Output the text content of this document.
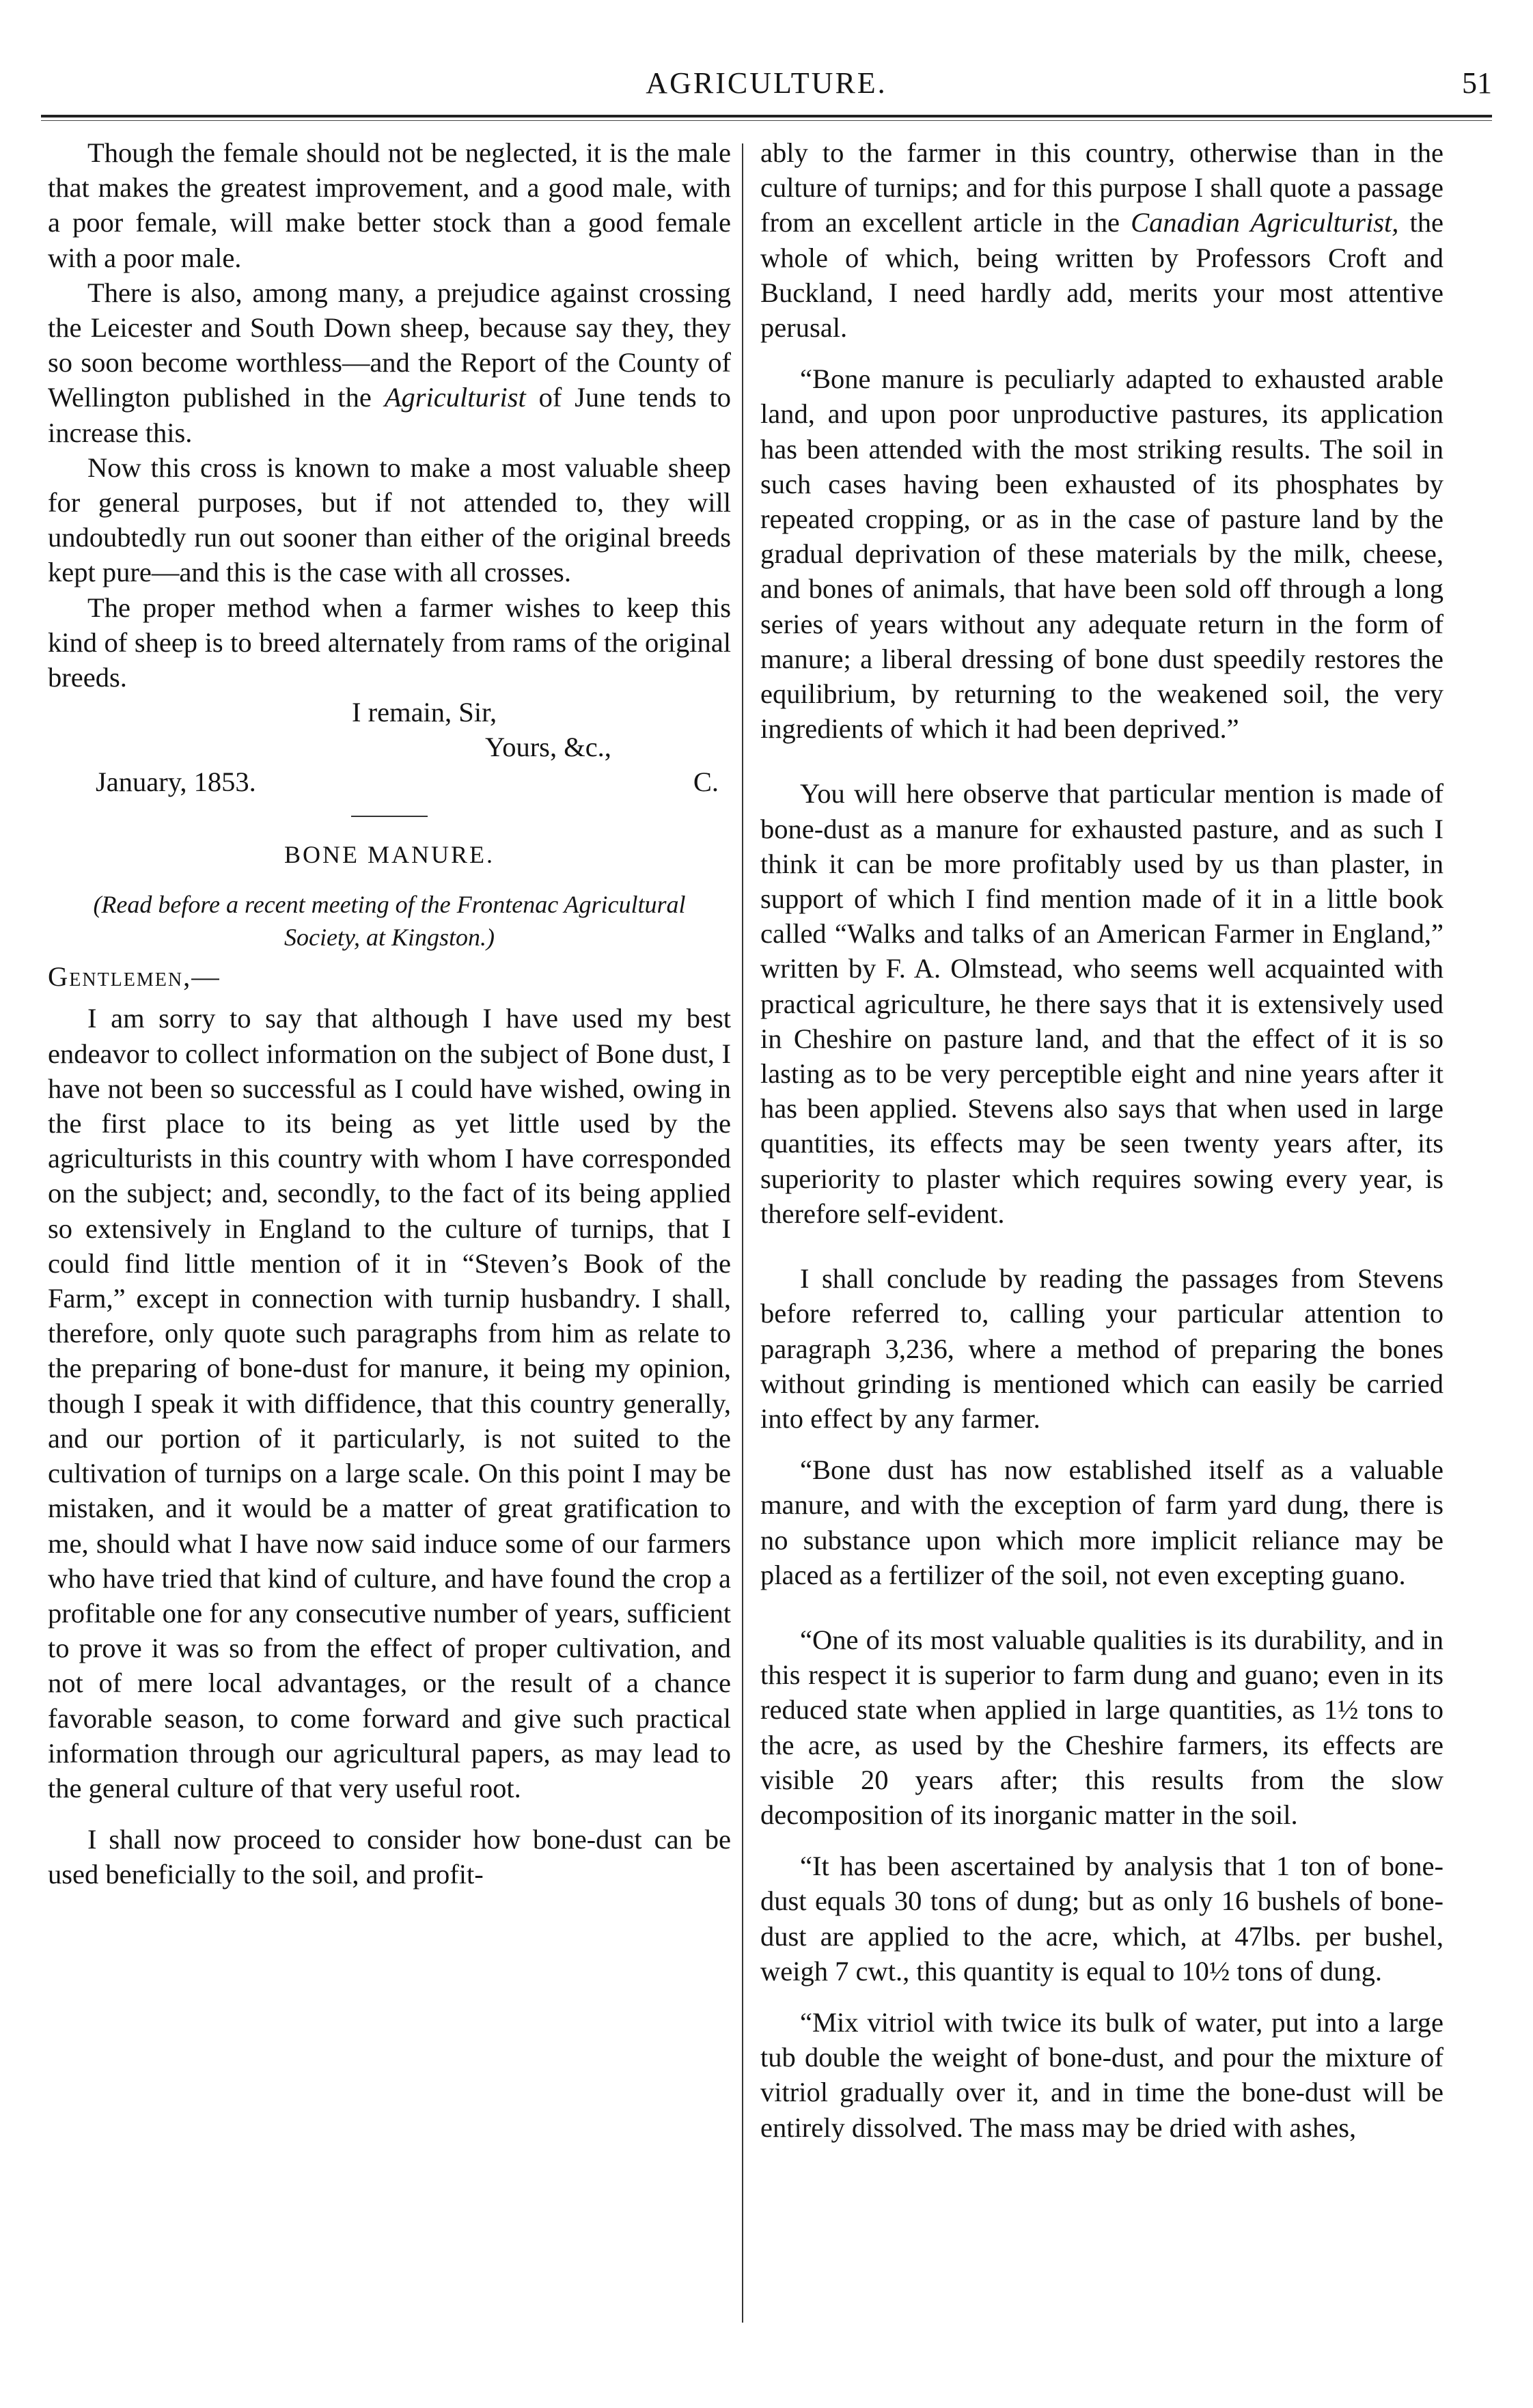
AGRICULTURE.	51

Though the female should not be neglected, it is the male that makes the greatest improvement, and a good male, with a poor female, will make better stock than a good female with a poor male.

There is also, among many, a prejudice against crossing the Leicester and South Down sheep, because say they, they so soon become worthless—and the Report of the County of Wellington published in the Agriculturist of June tends to increase this.

Now this cross is known to make a most valuable sheep for general purposes, but if not attended to, they will undoubtedly run out sooner than either of the original breeds kept pure—and this is the case with all crosses.

The proper method when a farmer wishes to keep this kind of sheep is to breed alternately from rams of the original breeds.

I remain, Sir,
Yours, &c.,
January, 1853.	C.
BONE MANURE.
(Read before a recent meeting of the Frontenac Agricultural Society, at Kingston.)
Gentlemen,—

I am sorry to say that although I have used my best endeavor to collect information on the subject of Bone dust, I have not been so successful as I could have wished, owing in the first place to its being as yet little used by the agriculturists in this country with whom I have corresponded on the subject; and, secondly, to the fact of its being applied so extensively in England to the culture of turnips, that I could find little mention of it in “Steven’s Book of the Farm,” except in connection with turnip husbandry. I shall, therefore, only quote such paragraphs from him as relate to the preparing of bone-dust for manure, it being my opinion, though I speak it with diffidence, that this country generally, and our portion of it particularly, is not suited to the cultivation of turnips on a large scale. On this point I may be mistaken, and it would be a matter of great gratification to me, should what I have now said induce some of our farmers who have tried that kind of culture, and have found the crop a profitable one for any consecutive number of years, sufficient to prove it was so from the effect of proper cultivation, and not of mere local advantages, or the result of a chance favorable season, to come forward and give such practical information through our agricultural papers, as may lead to the general culture of that very useful root.

I shall now proceed to consider how bone-dust can be used beneficially to the soil, and profit-

ably to the farmer in this country, otherwise than in the culture of turnips; and for this purpose I shall quote a passage from an excellent article in the Canadian Agriculturist, the whole of which, being written by Professors Croft and Buckland, I need hardly add, merits your most attentive perusal.

“Bone manure is peculiarly adapted to exhausted arable land, and upon poor unproductive pastures, its application has been attended with the most striking results. The soil in such cases having been exhausted of its phosphates by repeated cropping, or as in the case of pasture land by the gradual deprivation of these materials by the milk, cheese, and bones of animals, that have been sold off through a long series of years without any adequate return in the form of manure; a liberal dressing of bone dust speedily restores the equilibrium, by returning to the weakened soil, the very ingredients of which it had been deprived.”

You will here observe that particular mention is made of bone-dust as a manure for exhausted pasture, and as such I think it can be more profitably used by us than plaster, in support of which I find mention made of it in a little book called “Walks and talks of an American Farmer in England,” written by F. A. Olmstead, who seems well acquainted with practical agriculture, he there says that it is extensively used in Cheshire on pasture land, and that the effect of it is so lasting as to be very perceptible eight and nine years after it has been applied. Stevens also says that when used in large quantities, its effects may be seen twenty years after, its superiority to plaster which requires sowing every year, is therefore self-evident.

I shall conclude by reading the passages from Stevens before referred to, calling your particular attention to paragraph 3,236, where a method of preparing the bones without grinding is mentioned which can easily be carried into effect by any farmer.

“Bone dust has now established itself as a valuable manure, and with the exception of farm yard dung, there is no substance upon which more implicit reliance may be placed as a fertilizer of the soil, not even excepting guano.

“One of its most valuable qualities is its durability, and in this respect it is superior to farm dung and guano; even in its reduced state when applied in large quantities, as 1½ tons to the acre, as used by the Cheshire farmers, its effects are visible 20 years after; this results from the slow decomposition of its inorganic matter in the soil.

“It has been ascertained by analysis that 1 ton of bone-dust equals 30 tons of dung; but as only 16 bushels of bone-dust are applied to the acre, which, at 47lbs. per bushel, weigh 7 cwt., this quantity is equal to 10½ tons of dung.

“Mix vitriol with twice its bulk of water, put into a large tub double the weight of bone-dust, and pour the mixture of vitriol gradually over it, and in time the bone-dust will be entirely dissolved. The mass may be dried with ashes,
